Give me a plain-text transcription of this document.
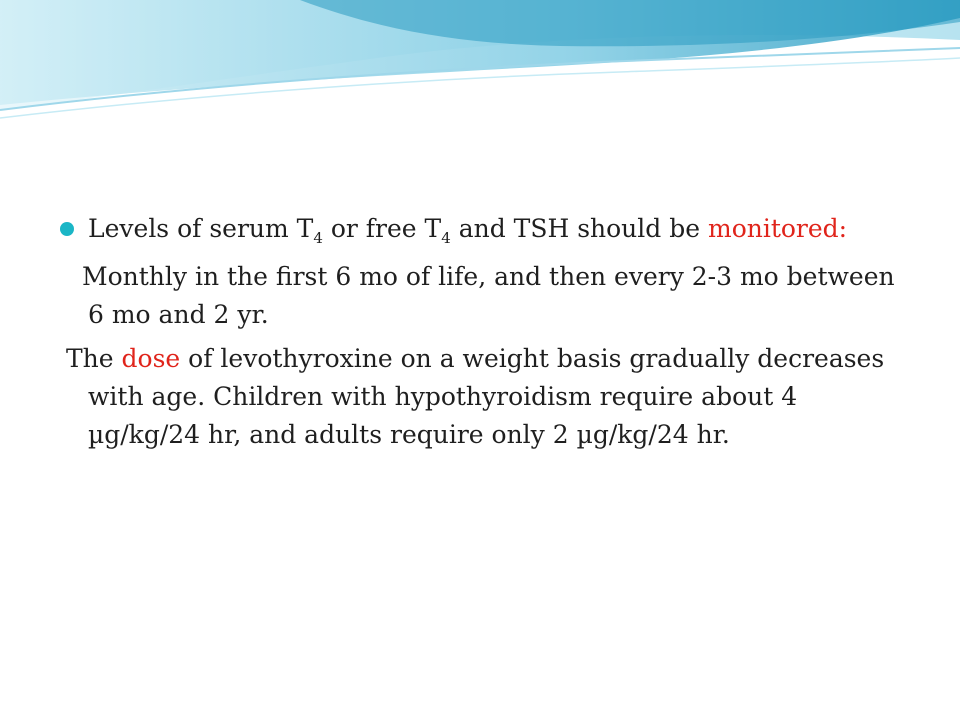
Levels of serum $T_4$ or free $T_4$ and TSH should be monitored:

Monthly in the first 6 mo of life, and then every 2-3 mo between 6 mo and 2 yr.

The dose of levothyroxine on a weight basis gradually decreases with age. Children with hypothyroidism require about 4 µg/kg/24 hr, and adults require only 2 µg/kg/24 hr.
